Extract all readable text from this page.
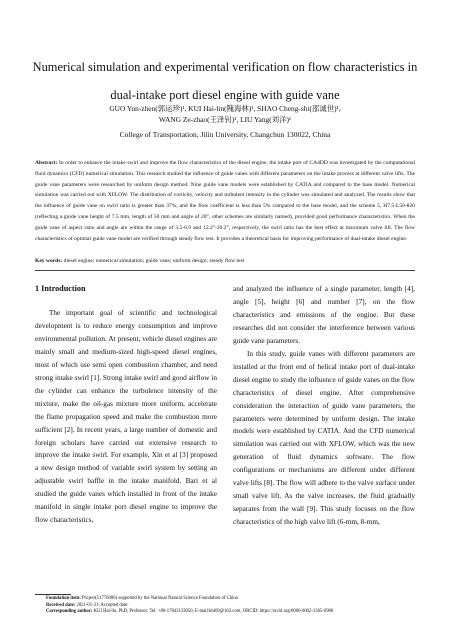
Numerical simulation and experimental verification on flow characteristics in
dual-intake port diesel engine with guide vane
GUO Yun-zhen(郭运珍)¹, KUI Hai-lin(隗海林)¹, SHAO Cheng-shi(邵诚世)¹,
WANG Ze-zhao(王泽钊)¹, LIU Yang(刘洋)¹
College of Transportation, Jilin University, Changchun 130022, China
Abstract: In order to enhance the intake swirl and improve the flow characteristics of the diesel engine, the intake port of CA4DD was investigated by the computational fluid dynamics (CFD) numerical simulation. This research studied the influence of guide vanes with different parameters on the intake process at different valve lifts. The guide vane parameters were researched by uniform design method. Nine guide vane models were established by CATIA and compared to the base model. Numerical simulation was carried out with XFLOW. The distribution of vorticity, velocity and turbulent intensity in the cylinder was simulated and analyzed. The results show that the influence of guide vane on swirl ratio is greater than 37%, and the flow coefficient is less than 5% compared to the base model, and the scheme 5, H7.5-L50-θ20 (reflecting a guide vane height of 7.5 mm, length of 50 mm and angle of 20°, other schemes are similarly named), provided good performance characteristics. When the guide vane of aspect ratio and angle are within the range of 3.5-6.9 and 12.2°-20.2°, respectively, the swirl ratio has the best effect at maximum valve lift. The flow characteristics of optimal guide vane model are verified through steady flow test. It provides a theoretical basis for improving performance of dual-intake diesel engine.
Key words: diesel engine; numerical simulation; guide vane; uniform design; steady flow test

1 Introduction

The important goal of scientific and technological development is to reduce energy consumption and improve environmental pollution. At present, vehicle diesel engines are mainly small and medium-sized high-speed diesel engines, most of which use semi open combustion chamber, and need strong intake swirl [1]. Strong intake swirl and good airflow in the cylinder can enhance the turbulence intensity of the mixture, make the oil-gas mixture more uniform, accelerate the flame propagation speed and make the combustion more sufficient [2]. In recent years, a large number of domestic and foreign scholars have carried out extensive research to improve the intake swirl. For example, Xin et al [3] proposed a new design method of variable swirl system by setting an adjustable swirl baffle in the intake manifold. Bari et al studied the guide vanes which installed in front of the intake manifold in single intake port diesel engine to improve the flow characteristics,

and analyzed the influence of a single parameter, length [4], angle [5], height [6] and number [7], on the flow characteristics and emissions of the engine. But these researches did not consider the interference between various guide vane parameters.

In this study, guide vanes with different parameters are installed at the front end of helical intake port of dual-intake diesel engine to study the influence of guide vanes on the flow characteristics of diesel engine. After comprehensive consideration the interaction of guide vane parameters, the parameters were determined by uniform design. The intake models were established by CATIA. And the CFD numerical simulation was carried out with XFLOW, which was the new generation of fluid dynamics software. The flow configurations or mechanisms are different under different valve lifts [8]. The flow will adhere to the valve surface under small valve lift. As the valve increases, the fluid gradually separates from the wall [9]. This study focuses on the flow characteristics of the high valve lift (6-mm, 8-mm,

Foundation item: Project(51776086) supported by the National Natural Science Foundation of China
Received date: 2021-01-31; Accepted date:
Corresponding author: KUI Hai-lin, PhD, Professor; Tel: +86-17843133056; E-mail:khl69@163.com, ORCID: https://orcid.org/0000-0002-1365-6980
